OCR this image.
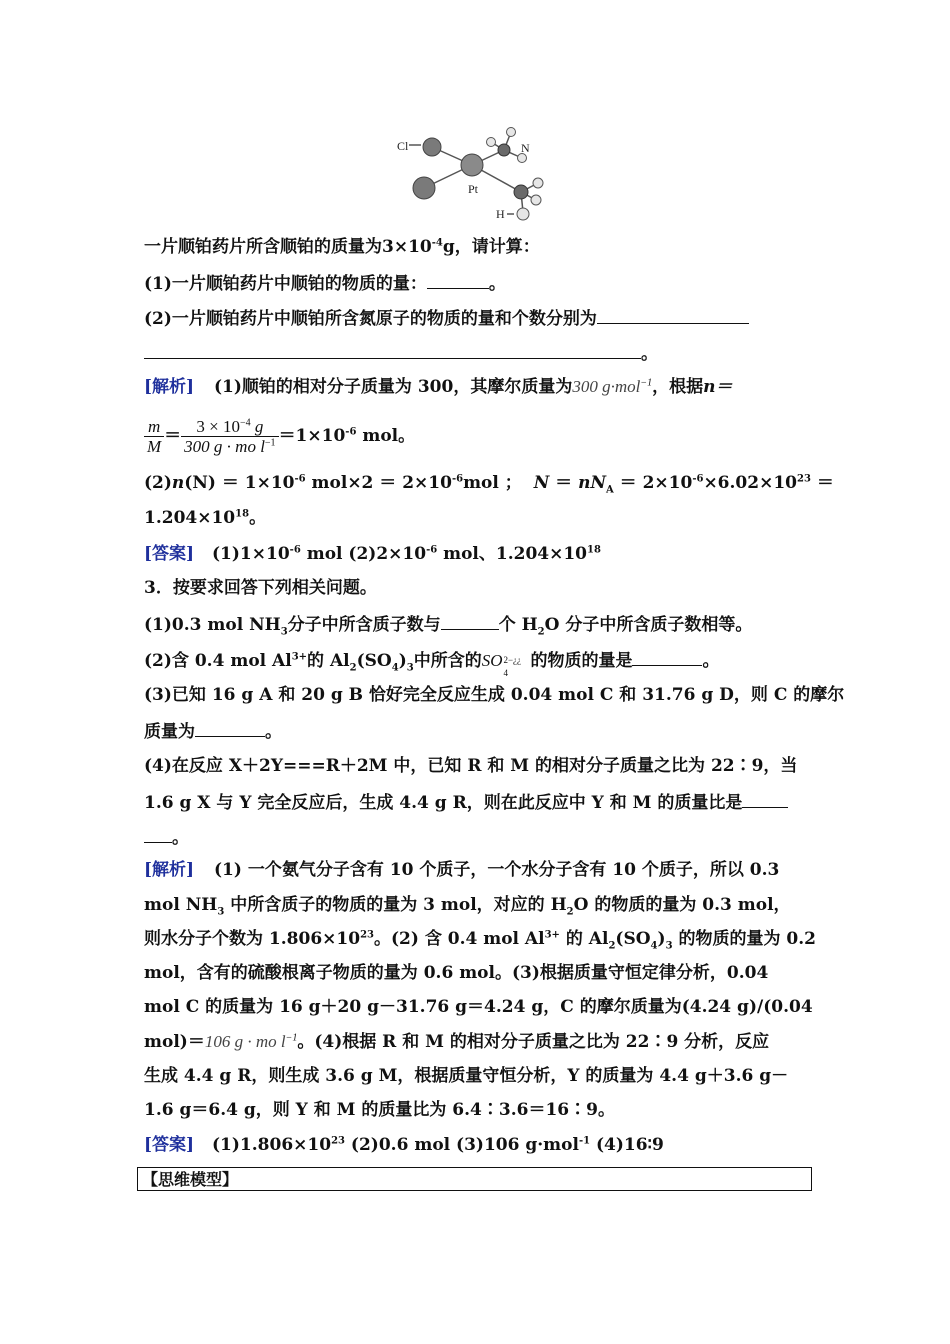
Cl	N
Pt
H
一片顺铂药片所含顺铂的质量为$3\times 10^{-4}g$，请计算：
(1)一片顺铂药片中顺铂的物质的量：	。
(2)一片顺铂药片中顺铂所含氮原子的物质的量和个数分别为
。
[解析] (1)顺铂的相对分子质量为 300，其摩尔质量为300 g·mol$^{-1}$，根据n＝
$\frac{m}{M} = \frac{3 \times 10^{-4} g}{300 g \cdot mo l^{-1}} =1\times 10^{-6}$ mol。
$(2)n(N) = 1\times 10^{-6}$ $mol\times 2 = 2\times 10^{-6}mol$ ； $N = nN_A = 2\times 10^{-6}\times 6.02\times 10^{23}$ ＝
$1.204\times 10^{18}$。
[答案] $(1)1\times 10^{-6}$ mol $(2)2\times 10^{-6}$ mol、$1.204\times 10^{18}$
3．按要求回答下列相关问题。
(1)0.3 mol $NH_3$分子中所含质子数与	个 $H_2O$ 分子中所含质子数相等。
(2)含 0.4 mol $Al^{3+}$的 $Al_2(SO_4)_3$中所含的SO 2−¿¿
4
的物质的量是	。
(3)已知 16 g A 和 20 g B 恰好完全反应生成 0.04 mol C 和 31.76 g D，则 C 的摩尔
质量为	。
(4)在反应 X＋2Y===R＋2M 中，已知 R 和 M 的相对分子质量之比为 22∶9，当
1.6 g X 与 Y 完全反应后，生成 4.4 g R，则在此反应中 Y 和 M 的质量比是
。
[解析] (1) 一个氨气分子含有 10 个质子，一个水分子含有 10 个质子，所以 0.3
mol $NH_3$ 中所含质子的物质的量为 3 mol，对应的 $H_2O$ 的物质的量为 0.3 mol，
则水分子个数为 $1.806\times 10^{23}$。(2) 含 0.4 mol $Al^{3+}$ 的 $Al_2(SO_4)_3$ 的物质的量为 0.2
mol，含有的硫酸根离子物质的量为 0.6 mol。(3)根据质量守恒定律分析，0.04
mol C 的质量为 16 g＋20 g－31.76 g＝4.24 g，C 的摩尔质量为(4.24 g)/(0.04
mol)＝106 g · mo $l^{-1}$。(4)根据 R 和 M 的相对分子质量之比为 22∶9 分析，反应
生成 4.4 g R，则生成 3.6 g M，根据质量守恒分析，Y 的质量为 4.4 g＋3.6 g－
1.6 g＝6.4 g，则 Y 和 M 的质量比为 6.4∶3.6＝16∶9。
[答案] $(1)1.806\times 10^{23}$ (2)0.6 mol (3)106 g·mol$^{-1}$ (4)16∶9
【思维模型】
